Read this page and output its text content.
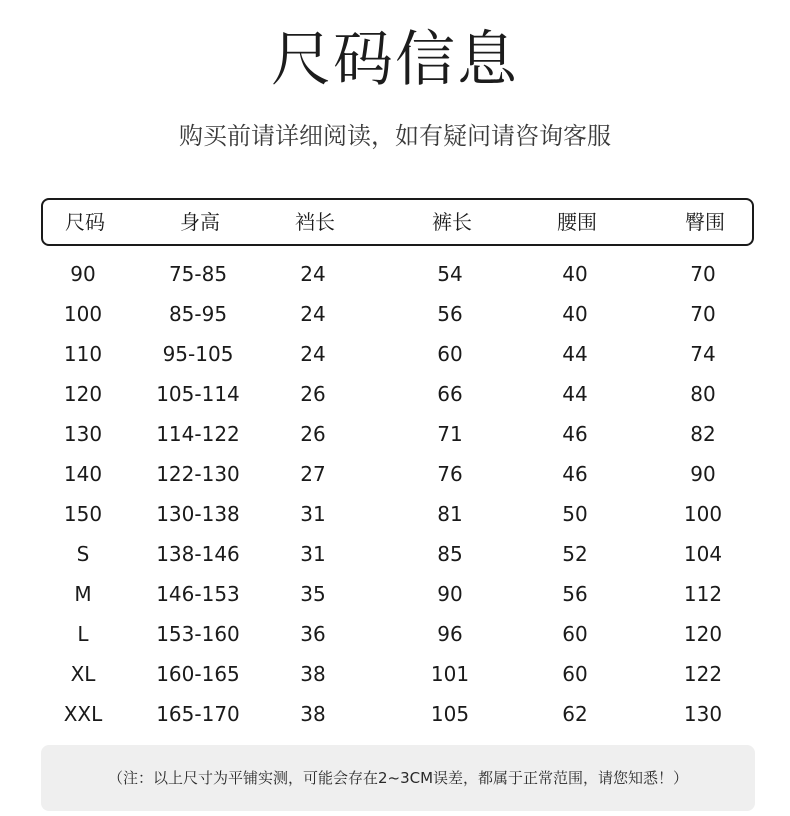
尺码信息
购买前请详细阅读，如有疑问请咨询客服
尺码	身高	裆长	裤长	腰围	臀围
90	75-85	24	54	40	70
100	85-95	24	56	40	70
110	95-105	24	60	44	74
120	105-114	26	66	44	80
130	114-122	26	71	46	82
140	122-130	27	76	46	90
150	130-138	31	81	50	100
S	138-146	31	85	52	104
M	146-153	35	90	56	112
L	153-160	36	96	60	120
XL	160-165	38	101	60	122
XXL	165-170	38	105	62	130
（注：以上尺寸为平铺实测，可能会存在2~3CM误差，都属于正常范围，请您知悉！）
